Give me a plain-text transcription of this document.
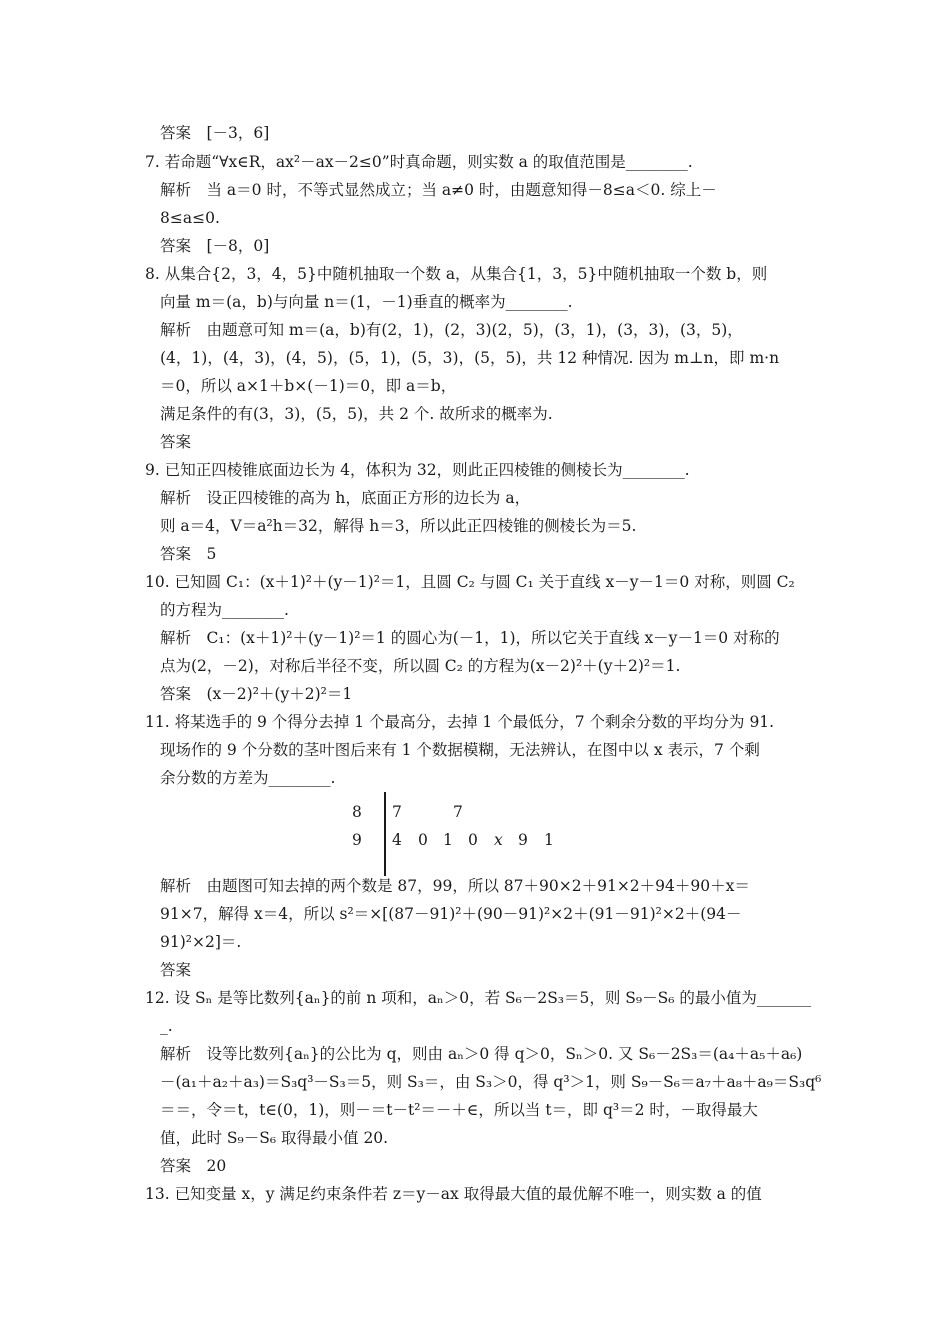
答案　[－3，6]
7. 若命题“∀x∈R，ax²－ax－2≤0”时真命题，则实数 a 的取值范围是________.
解析　当 a＝0 时，不等式显然成立；当 a≠0 时，由题意知得－8≤a＜0. 综上－
8≤a≤0.
答案　[－8，0]
8. 从集合{2，3，4，5}中随机抽取一个数 a，从集合{1，3，5}中随机抽取一个数 b，则
向量 m＝(a，b)与向量 n＝(1，－1)垂直的概率为________.
解析　由题意可知 m＝(a，b)有(2，1)，(2，3)(2，5)，(3，1)，(3，3)，(3，5)，
(4，1)，(4，3)，(4，5)，(5，1)，(5，3)，(5，5)，共 12 种情况. 因为 m⊥n，即 m·n
＝0，所以 a×1＋b×(－1)＝0，即 a＝b，
满足条件的有(3，3)，(5，5)，共 2 个. 故所求的概率为.
答案
9. 已知正四棱锥底面边长为 4，体积为 32，则此正四棱锥的侧棱长为________.
解析　设正四棱锥的高为 h，底面正方形的边长为 a，
则 a＝4，V＝a²h＝32，解得 h＝3，所以此正四棱锥的侧棱长为＝5.
答案　5
10. 已知圆 C₁：(x＋1)²＋(y－1)²＝1，且圆 C₂ 与圆 C₁ 关于直线 x－y－1＝0 对称，则圆 C₂
的方程为________.
解析　C₁：(x＋1)²＋(y－1)²＝1 的圆心为(－1，1)，所以它关于直线 x－y－1＝0 对称的
点为(2，－2)，对称后半径不变，所以圆 C₂ 的方程为(x－2)²＋(y＋2)²＝1.
答案　(x－2)²＋(y＋2)²＝1
11. 将某选手的 9 个得分去掉 1 个最高分，去掉 1 个最低分，7 个剩余分数的平均分为 91.
现场作的 9 个分数的茎叶图后来有 1 个数据模糊，无法辨认，在图中以 x 表示，7 个剩
余分数的方差为________.
解析　由题图可知去掉的两个数是 87，99，所以 87＋90×2＋91×2＋94＋90＋x＝
91×7，解得 x＝4，所以 s²＝×[(87－91)²＋(90－91)²×2＋(91－91)²×2＋(94－
91)²×2]＝.
答案
12. 设 Sₙ 是等比数列{aₙ}的前 n 项和，aₙ＞0，若 S₆－2S₃＝5，则 S₉－S₆ 的最小值为_______
_.
解析　设等比数列{aₙ}的公比为 q，则由 aₙ＞0 得 q＞0，Sₙ＞0. 又 S₆－2S₃＝(a₄＋a₅＋a₆)
－(a₁＋a₂＋a₃)＝S₃q³－S₃＝5，则 S₃＝，由 S₃＞0，得 q³＞1，则 S₉－S₆＝a₇＋a₈＋a₉＝S₃q⁶
＝＝，令＝t，t∈(0，1)，则－＝t－t²＝－＋∈，所以当 t＝，即 q³＝2 时，－取得最大
值，此时 S₉－S₆ 取得最小值 20.
答案　20
13. 已知变量 x，y 满足约束条件若 z＝y－ax 取得最大值的最优解不唯一，则实数 a 的值
8 7	7
9 4 0 1 0 x 9 1
